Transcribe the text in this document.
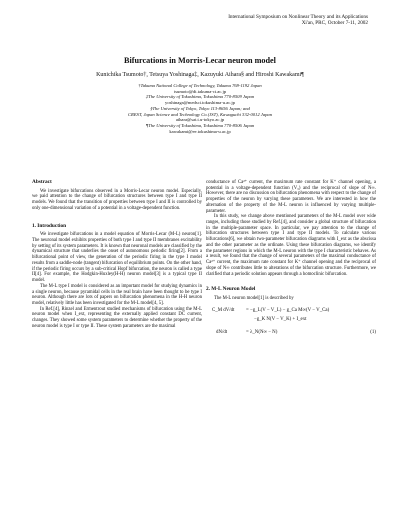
International Symposium on Nonlinear Theory and its Applications
Xi'an, PRC, October 7-11, 2002
Bifurcations in Morris-Lecar neuron model
Kunichika Tsumoto†, Tetsuya Yoshinaga‡, Kazuyuki Aihara§ and Hiroshi Kawakami¶
†Takuma National College of Technology, Takuma 769-1192 Japan
tsumoto@dt.takuma-ct.ac.jp
‡The University of Tokushima, Tokushima 770-8509 Japan
yoshinaga@medsci.tokushima-u.ac.jp
§The University of Tokyo, Tokyo 113-8656 Japan; and
CREST, Japan Science and Technology Co.(JST), Kawaguchi 332-0012 Japan
aihara@sat.t.u-tokyo.ac.jp
¶The University of Tokushima, Tokushima 770-8506 Japan
kawakami@ee.tokushima-u.ac.jp
Abstract

We investigate bifurcations observed in a Morris-Lecar neuron model. Especially, we paid attention to the change of bifurcation structures between type I and type II models. We found that the transition of properties between type I and II is controlled by only one-dimensional variation of a potential in a voltage-dependent function.

1. Introduction

We investigate bifurcations in a model equation of Morris-Lecar (M-L) neuron[1]. The neuronal model exhibits properties of both type I and type II membranes excitability by setting of its system parameters. It is known that neuronal models are classified by the dynamical structure that underlies the onset of autonomous periodic firing[2]. From a bifurcational point of view, the generation of the periodic firing in the type I model results from a saddle-node (tangent) bifurcation of equilibrium points. On the other hand, if the periodic firing occurs by a sub-critical Hopf bifurcation, the neuron is called a type II[4]. For example, the Hodgkin-Huxley(H-H) neuron model[3] is a typical type II model.

The M-L type I model is considered as an important model for studying dynamics in a single neuron, because pyramidal cells in the real brain have been thought to be type I neuron. Although there are lots of papers on bifurcation phenomena in the H-H neuron model, relatively little has been investigated for the M-L model[4, 5].

In Ref.[4], Rinzel and Ermentrout studied mechanisms of bifurcation using the M-L neuron model when I_ext, representing the externally applied constant DC current, changes. They showed some system parameters to determine whether the property of the neuron model is type I or type II. These system parameters are the maximal

conductance of Ca²⁺ current, the maximum rate constant for K⁺ channel opening, a potential in a voltage-dependent function (V₃) and the reciprocal of slope of N∞. However, there are no discussion on bifurcation phenomena with respect to the change of properties of the neuron by varying these parameters. We are interested in how the alternation of the property of the M-L neuron is influenced by varying multiple-parameter.

In this study, we change above mentioned parameters of the M-L model over wide ranges, including those studied by Ref.[4], and consider a global structure of bifurcation in the multiple-parameter space. In particular, we pay attention to the change of bifurcation structures between type I and type II models. To calculate various bifurcations[6], we obtain two-parameter bifurcation diagrams with I_ext as the abscissa and the other parameter as the ordinate. Using these bifurcation diagrams, we identify the parameter regions in which the M-L neuron with the type I characteristic behaves. As a result, we found that the change of several parameters of the maximal conductance of Ca²⁺ current, the maximum rate constant for K⁺ channel opening and the reciprocal of slope of N∞ contributes little to alterations of the bifurcation structure. Furthermore, we clarified that a periodic solution appears through a homoclinic bifurcation.

2. M-L Neuron Model

The M-L neuron model[1] is described by

C_M dV/dt = −g_L(V − V_L) − g_Ca M∞(V − V_Ca)
−g_K N(V − V_K) + I_ext
dN/dt	= λ_N(N∞ − N)	(1)
